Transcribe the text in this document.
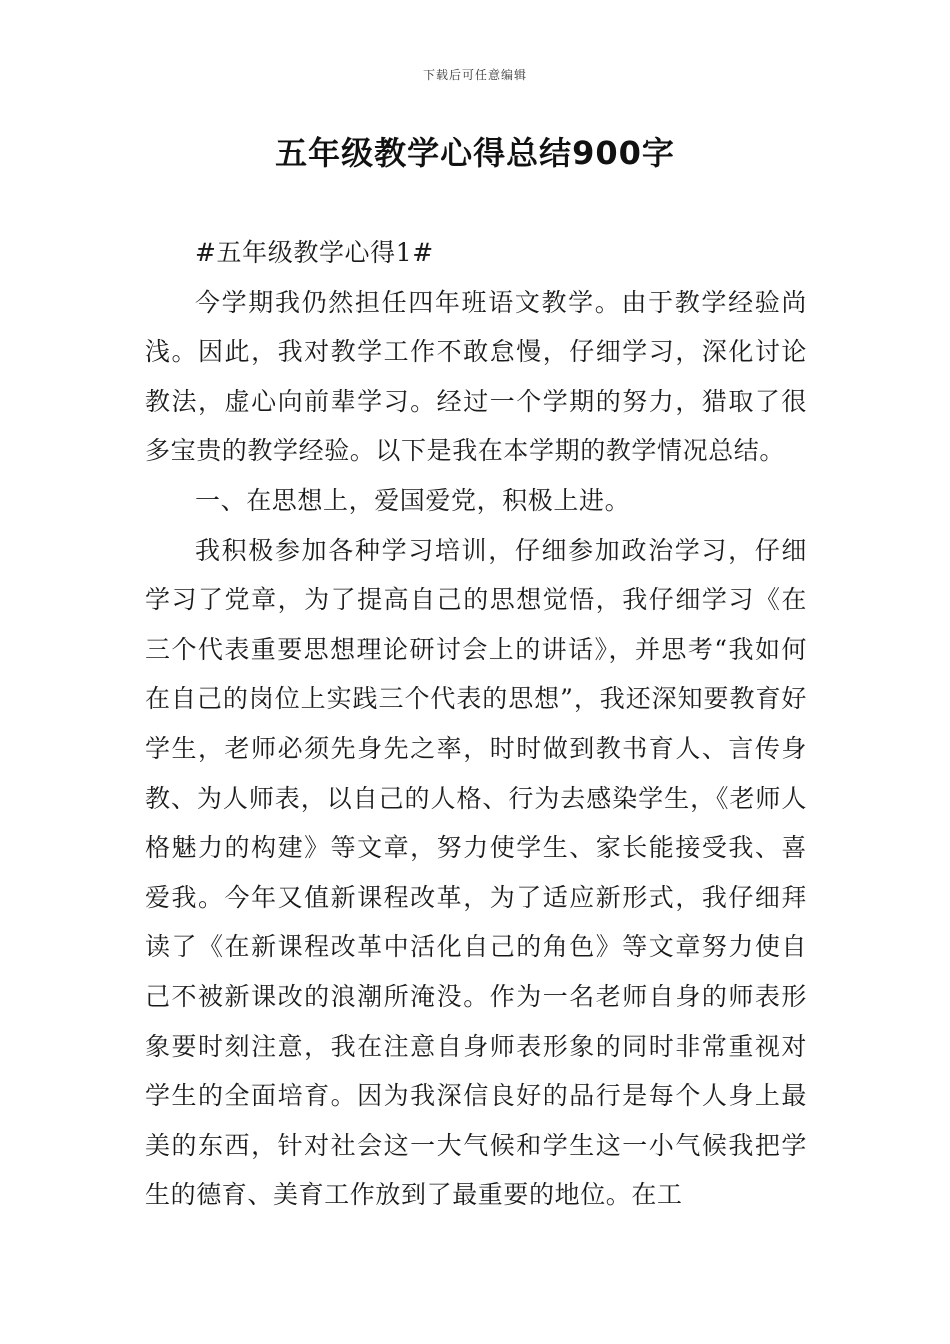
下载后可任意编辑
五年级教学心得总结900字

#五年级教学心得1#

今学期我仍然担任四年班语文教学。由于教学经验尚浅。因此，我对教学工作不敢怠慢，仔细学习，深化讨论教法，虚心向前辈学习。经过一个学期的努力，猎取了很多宝贵的教学经验。以下是我在本学期的教学情况总结。

一、在思想上，爱国爱党，积极上进。

我积极参加各种学习培训，仔细参加政治学习，仔细学习了党章，为了提高自己的思想觉悟，我仔细学习《在三个代表重要思想理论研讨会上的讲话》，并思考“我如何在自己的岗位上实践三个代表的思想”，我还深知要教育好学生，老师必须先身先之率，时时做到教书育人、言传身教、为人师表，以自己的人格、行为去感染学生，《老师人格魅力的构建》等文章，努力使学生、家长能接受我、喜爱我。今年又值新课程改革，为了适应新形式，我仔细拜读了《在新课程改革中活化自己的角色》等文章努力使自己不被新课改的浪潮所淹没。作为一名老师自身的师表形象要时刻注意，我在注意自身师表形象的同时非常重视对学生的全面培育。因为我深信良好的品行是每个人身上最美的东西，针对社会这一大气候和学生这一小气候我把学生的德育、美育工作放到了最重要的地位。在工
